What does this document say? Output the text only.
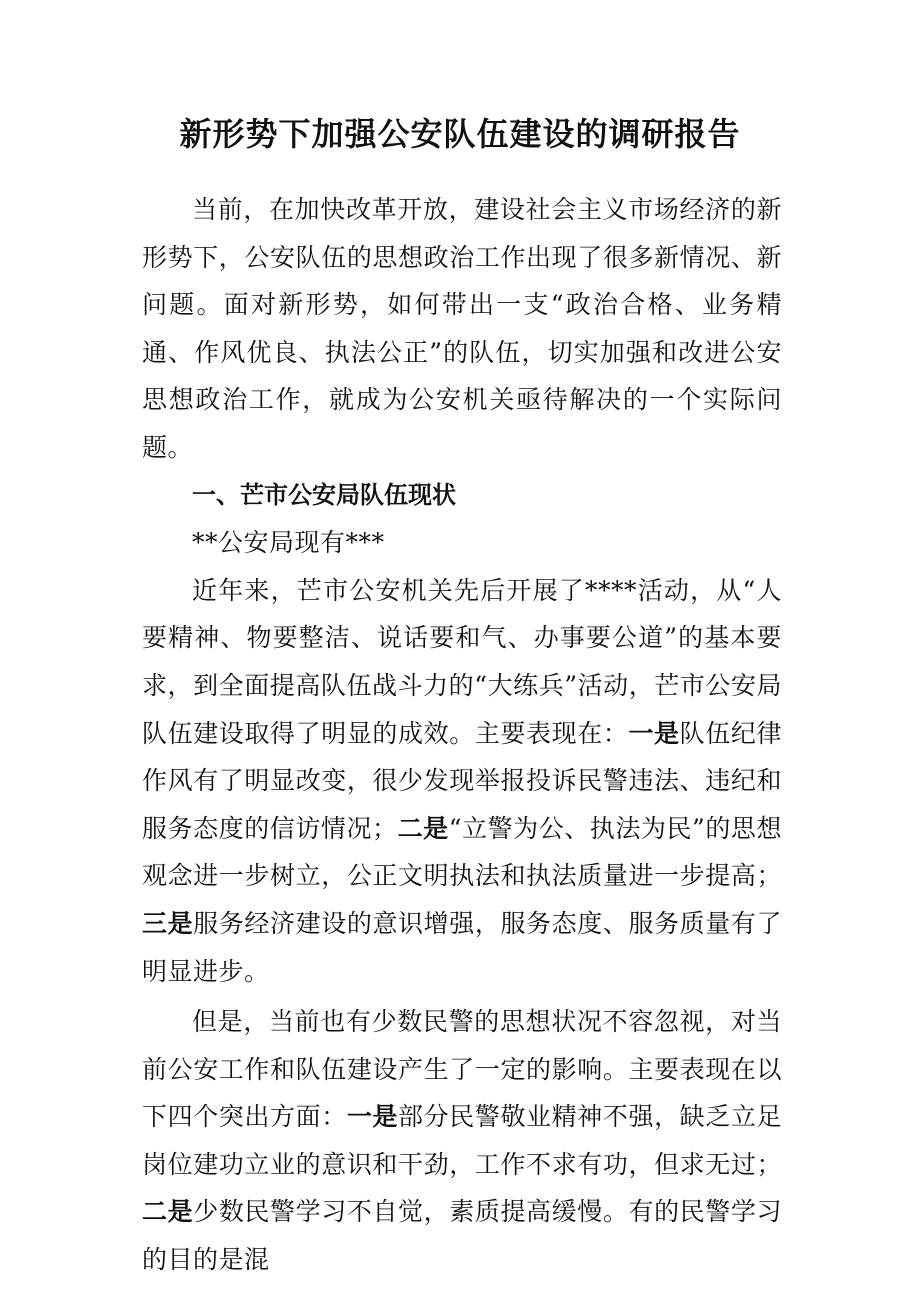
新形势下加强公安队伍建设的调研报告

当前，在加快改革开放，建设社会主义市场经济的新形势下，公安队伍的思想政治工作出现了很多新情况、新问题。面对新形势，如何带出一支“政治合格、业务精通、作风优良、执法公正”的队伍，切实加强和改进公安思想政治工作，就成为公安机关亟待解决的一个实际问题。

一、芒市公安局队伍现状

**公安局现有***

近年来，芒市公安机关先后开展了****活动，从“人要精神、物要整洁、说话要和气、办事要公道”的基本要求，到全面提高队伍战斗力的“大练兵”活动，芒市公安局队伍建设取得了明显的成效。主要表现在：一是队伍纪律作风有了明显改变，很少发现举报投诉民警违法、违纪和服务态度的信访情况；二是“立警为公、执法为民”的思想观念进一步树立，公正文明执法和执法质量进一步提高；三是服务经济建设的意识增强，服务态度、服务质量有了明显进步。

但是，当前也有少数民警的思想状况不容忽视，对当前公安工作和队伍建设产生了一定的影响。主要表现在以下四个突出方面：一是部分民警敬业精神不强，缺乏立足岗位建功立业的意识和干劲，工作不求有功，但求无过；二是少数民警学习不自觉，素质提高缓慢。有的民警学习的目的是混
